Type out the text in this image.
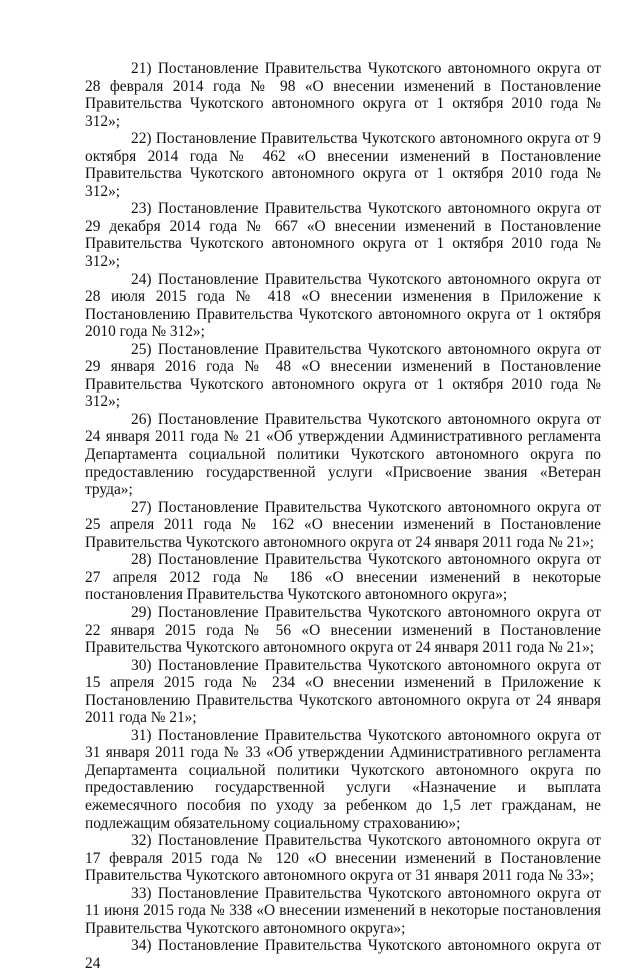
21) Постановление Правительства Чукотского автономного округа от 28 февраля 2014 года № 98 «О внесении изменений в Постановление Правительства Чукотского автономного округа от 1 октября 2010 года № 312»;

22) Постановление Правительства Чукотского автономного округа от 9 октября 2014 года № 462 «О внесении изменений в Постановление Правительства Чукотского автономного округа от 1 октября 2010 года № 312»;

23) Постановление Правительства Чукотского автономного округа от 29 декабря 2014 года № 667 «О внесении изменений в Постановление Правительства Чукотского автономного округа от 1 октября 2010 года № 312»;

24) Постановление Правительства Чукотского автономного округа от 28 июля 2015 года № 418 «О внесении изменения в Приложение к Постановлению Правительства Чукотского автономного округа от 1 октября 2010 года № 312»;

25) Постановление Правительства Чукотского автономного округа от 29 января 2016 года № 48 «О внесении изменений в Постановление Правительства Чукотского автономного округа от 1 октября 2010 года № 312»;

26) Постановление Правительства Чукотского автономного округа от 24 января 2011 года № 21 «Об утверждении Административного регламента Департамента социальной политики Чукотского автономного округа по предоставлению государственной услуги «Присвоение звания «Ветеран труда»;

27) Постановление Правительства Чукотского автономного округа от 25 апреля 2011 года № 162 «О внесении изменений в Постановление Правительства Чукотского автономного округа от 24 января 2011 года № 21»;

28) Постановление Правительства Чукотского автономного округа от 27 апреля 2012 года № 186 «О внесении изменений в некоторые постановления Правительства Чукотского автономного округа»;

29) Постановление Правительства Чукотского автономного округа от 22 января 2015 года № 56 «О внесении изменений в Постановление Правительства Чукотского автономного округа от 24 января 2011 года № 21»;

30) Постановление Правительства Чукотского автономного округа от 15 апреля 2015 года № 234 «О внесении изменений в Приложение к Постановлению Правительства Чукотского автономного округа от 24 января 2011 года № 21»;

31) Постановление Правительства Чукотского автономного округа от 31 января 2011 года № 33 «Об утверждении Административного регламента Департамента социальной политики Чукотского автономного округа по предоставлению государственной услуги «Назначение и выплата ежемесячного пособия по уходу за ребенком до 1,5 лет гражданам, не подлежащим обязательному социальному страхованию»;

32) Постановление Правительства Чукотского автономного округа от 17 февраля 2015 года № 120 «О внесении изменений в Постановление Правительства Чукотского автономного округа от 31 января 2011 года № 33»;

33) Постановление Правительства Чукотского автономного округа от 11 июня 2015 года № 338 «О внесении изменений в некоторые постановления Правительства Чукотского автономного округа»;

34) Постановление Правительства Чукотского автономного округа от 24
